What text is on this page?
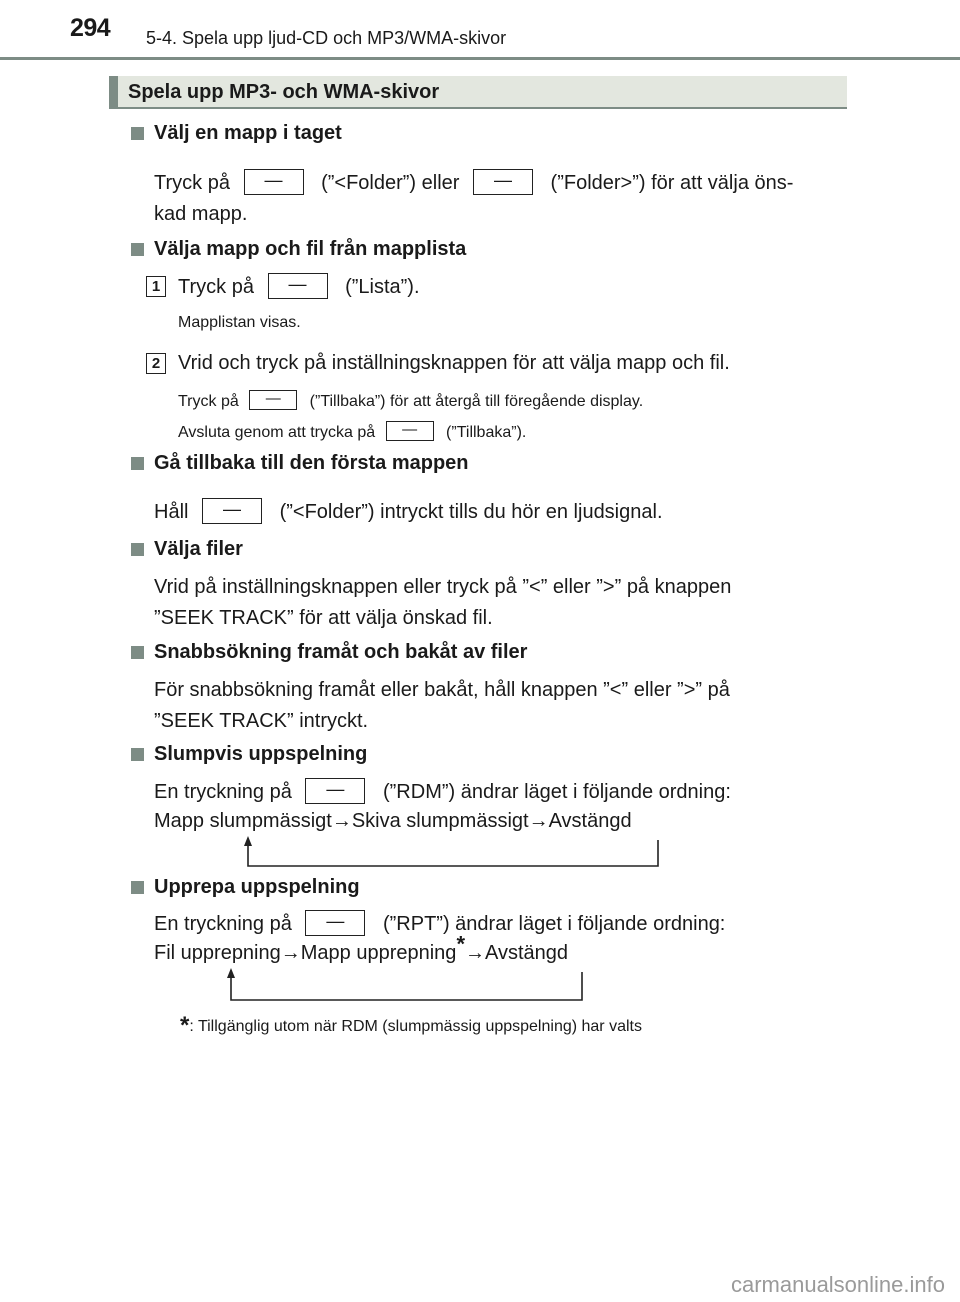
294 5-4. Spela upp ljud-CD och MP3/WMA-skivor
Spela upp MP3- och WMA-skivor
Välj en mapp i taget
Tryck på — (”<Folder”) eller — (”Folder>”) för att välja öns-
kad mapp.
Välja mapp och fil från mapplista
1 Tryck på — (”Lista”).
Mapplistan visas.
2 Vrid och tryck på inställningsknappen för att välja mapp och fil.
Tryck på — (”Tillbaka”) för att återgå till föregående display.
Avsluta genom att trycka på — (”Tillbaka”).
Gå tillbaka till den första mappen
Håll — (”<Folder”) intryckt tills du hör en ljudsignal.
Välja filer
Vrid på inställningsknappen eller tryck på ”<” eller ”>” på knappen
”SEEK TRACK” för att välja önskad fil.
Snabbsökning framåt och bakåt av filer
För snabbsökning framåt eller bakåt, håll knappen ”<” eller ”>” på
”SEEK TRACK” intryckt.
Slumpvis uppspelning
En tryckning på — (”RDM”) ändrar läget i följande ordning:
Mapp slumpmässigt→Skiva slumpmässigt→Avstängd
Upprepa uppspelning
En tryckning på — (”RPT”) ändrar läget i följande ordning:
Fil upprepning→Mapp upprepning*→Avstängd
*: Tillgänglig utom när RDM (slumpmässig uppspelning) har valts
carmanualsonline.info
